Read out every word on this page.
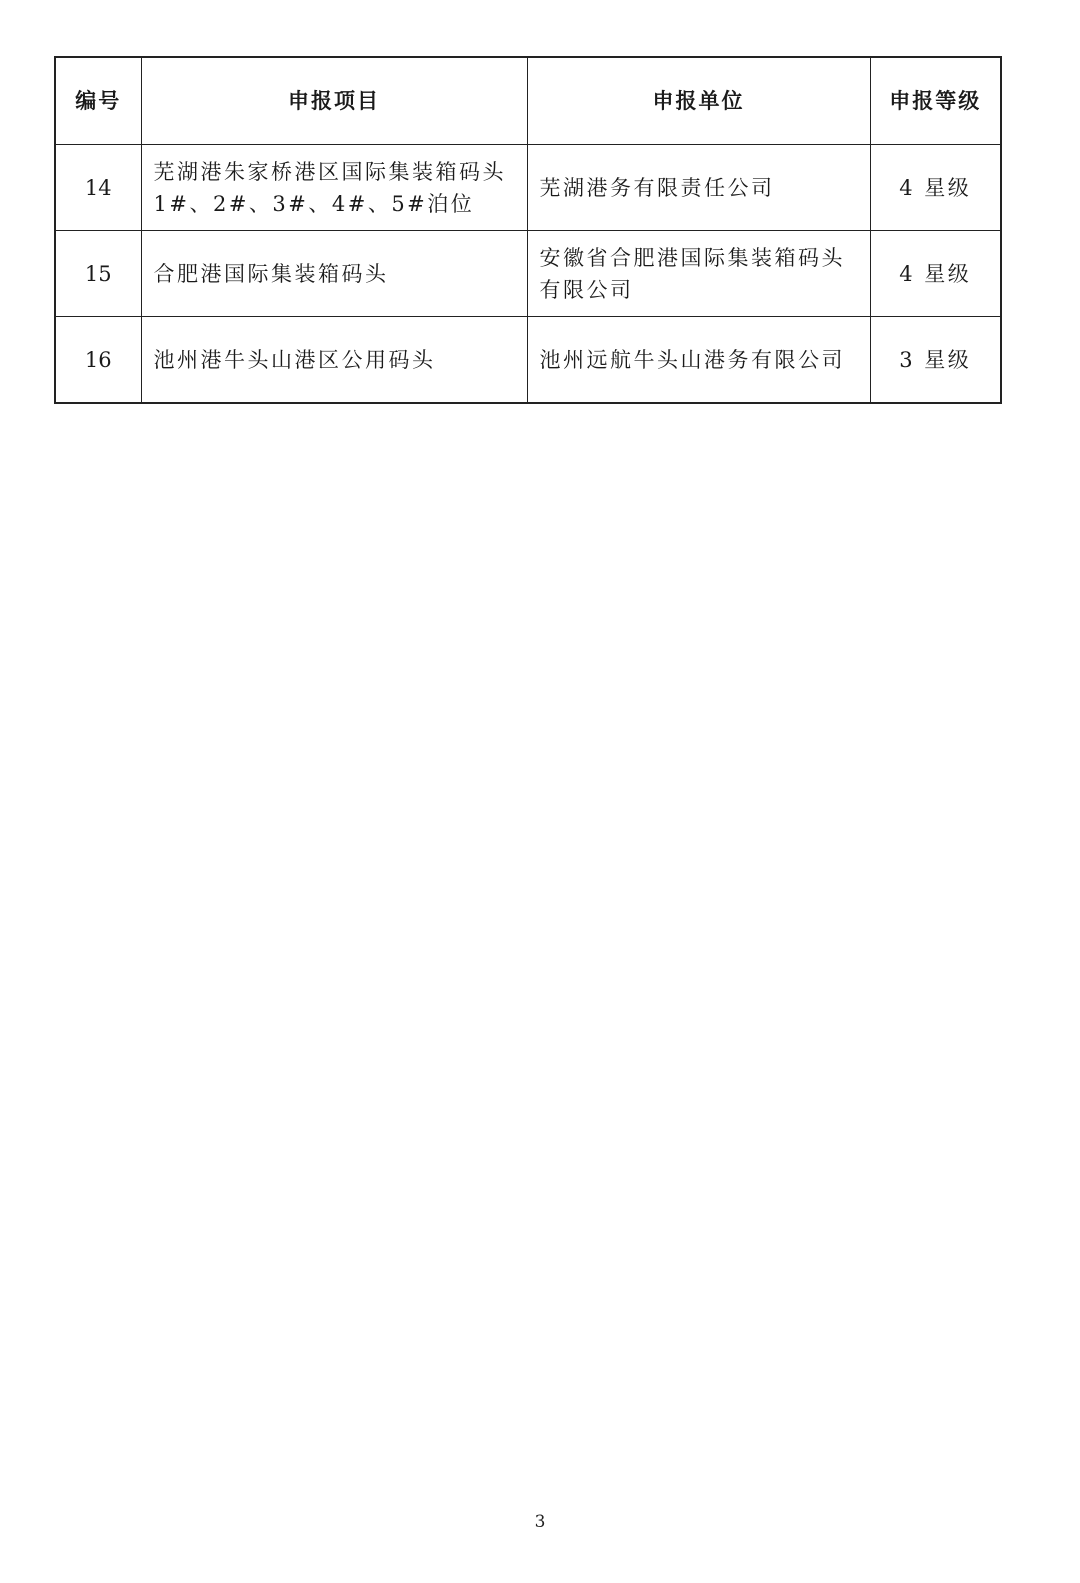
编号	申报项目	申报单位	申报等级
14	芜湖港朱家桥港区国际集装箱码头1#、2#、3#、4#、5#泊位	芜湖港务有限责任公司	4 星级
15	合肥港国际集装箱码头	安徽省合肥港国际集装箱码头有限公司	4 星级
16	池州港牛头山港区公用码头	池州远航牛头山港务有限公司	3 星级
3
